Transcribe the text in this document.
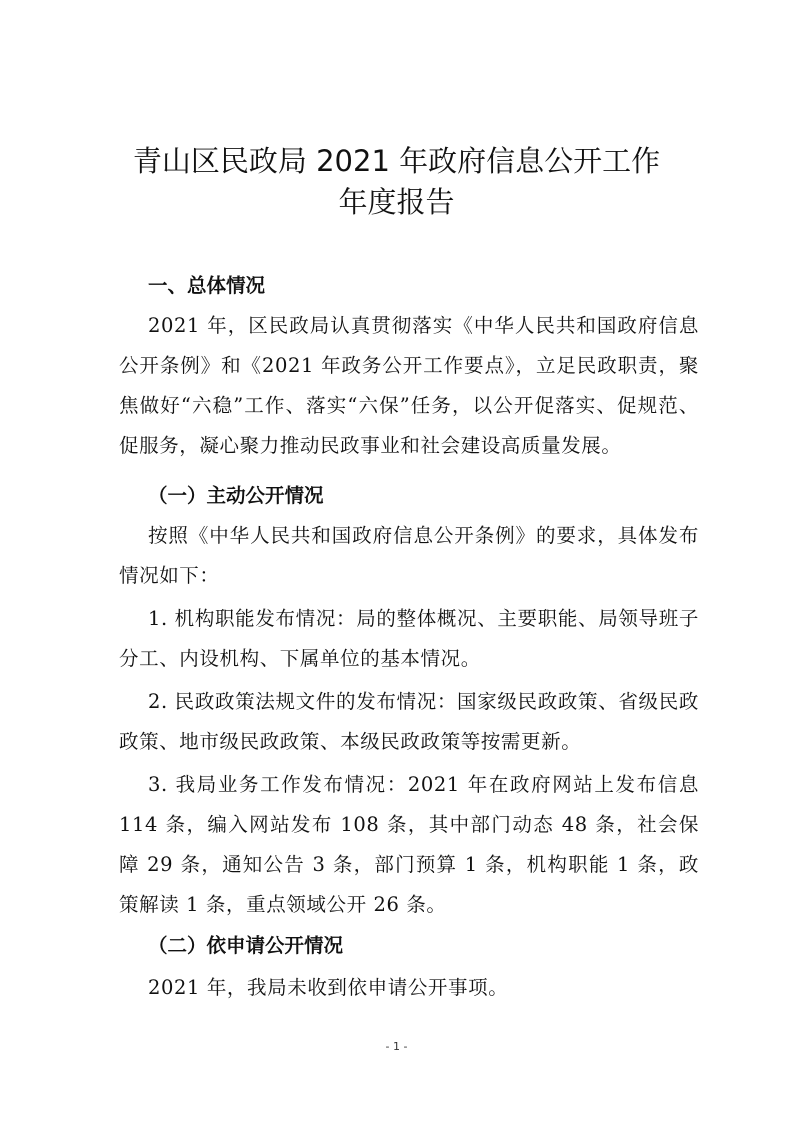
青山区民政局 2021 年政府信息公开工作
年度报告
一、总体情况

2021 年，区民政局认真贯彻落实《中华人民共和国政府信息公开条例》和《2021 年政务公开工作要点》，立足民政职责，聚焦做好“六稳”工作、落实“六保”任务，以公开促落实、促规范、促服务，凝心聚力推动民政事业和社会建设高质量发展。

（一）主动公开情况

按照《中华人民共和国政府信息公开条例》的要求，具体发布情况如下：

1. 机构职能发布情况：局的整体概况、主要职能、局领导班子分工、内设机构、下属单位的基本情况。

2. 民政政策法规文件的发布情况：国家级民政政策、省级民政政策、地市级民政政策、本级民政政策等按需更新。

3. 我局业务工作发布情况：2021 年在政府网站上发布信息 114 条，编入网站发布 108 条，其中部门动态 48 条，社会保障 29 条，通知公告 3 条，部门预算 1 条，机构职能 1 条，政策解读 1 条，重点领域公开 26 条。

（二）依申请公开情况

2021 年，我局未收到依申请公开事项。

- 1 -
